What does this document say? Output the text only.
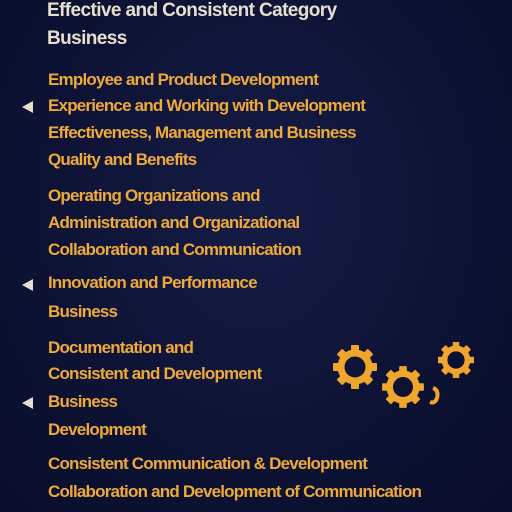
Effective and Consistent Category
Business
Employee and Product Development
Experience and Working with Development
Effectiveness, Management and Business
Quality and Benefits
Operating Organizations and
Administration and Organizational
Collaboration and Communication
Innovation and Performance
Business
Documentation and
Consistent and Development
Business
Development
Consistent Communication & Development
Collaboration and Development of Communication
